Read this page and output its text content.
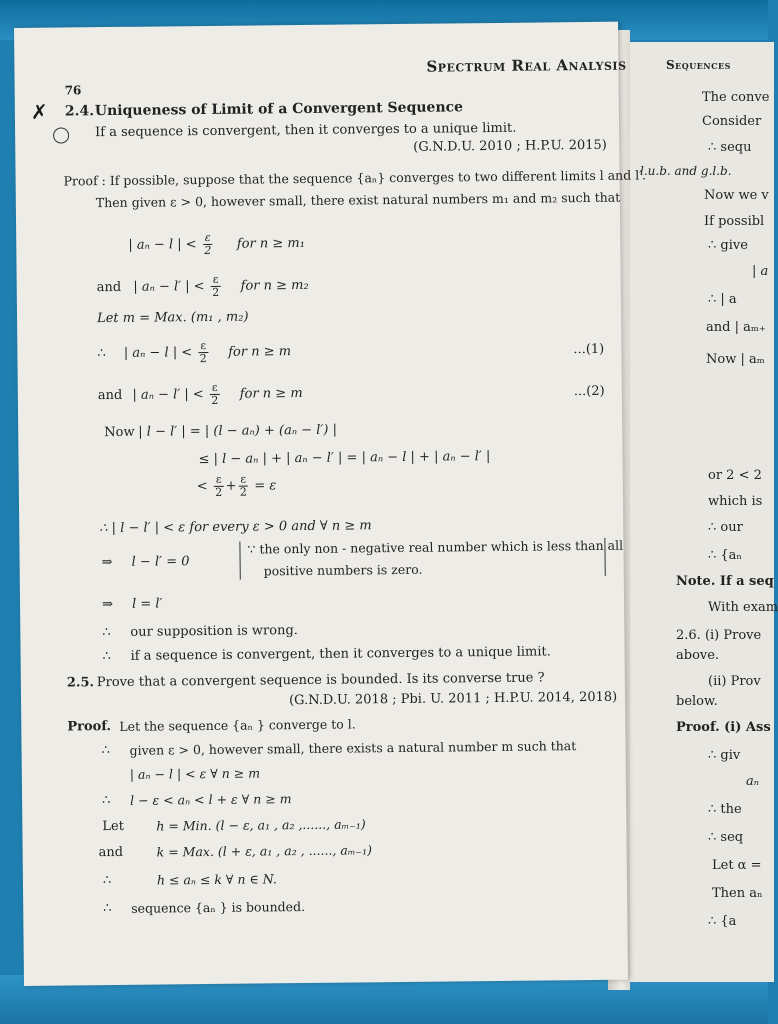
Sequences
The conve
Consider
∴ sequ
l.u.b. and g.l.b.
Now we v
If possibl
∴ give
| a
∴ | a
and | aₘ₊
Now | aₘ
or 2 < 2
which is
∴ our
∴ {aₙ
Note. If a seq
With exam
2.6. (i) Prove
above.
(ii) Prov
below.
Proof. (i) Ass
∴ giv
aₙ
∴ the
∴ seq
Let α =
Then aₙ
∴ {a
Spectrum Real Analysis
76
✗ 2.4. Uniqueness of Limit of a Convergent Sequence
If a sequence is convergent, then it converges to a unique limit.
(G.N.D.U. 2010 ; H.P.U. 2015)
Proof : If possible, suppose that the sequence {aₙ} converges to two different limits l and l′.
Then given ε > 0, however small, there exist natural numbers m₁ and m₂ such that
| aₙ − l | < $\frac{\varepsilon}{2}$ for n ≥ m₁
and | aₙ − l′ | < $\frac{\varepsilon}{2}$ for n ≥ m₂
Let m = Max. (m₁ , m₂)
∴ | aₙ − l | < $\frac{\varepsilon}{2}$ for n ≥ m	...(1)
and | aₙ − l′ | < $\frac{\varepsilon}{2}$ for n ≥ m	...(2)
Now | l − l′ | = | (l − aₙ) + (aₙ − l′) |
≤ | l − aₙ | + | aₙ − l′ | = | aₙ − l | + | aₙ − l′ |
< $\frac{\varepsilon}{2} + \frac{\varepsilon}{2} = \varepsilon$
∴ | l − l′ | < ε for every ε > 0 and ∀ n ≥ m
⇒ l − l′ = 0
∵ the only non - negative real number which is less than all
positive numbers is zero.
⇒ l = l′
∴ our supposition is wrong.
∴ if a sequence is convergent, then it converges to a unique limit.
2.5. Prove that a convergent sequence is bounded. Is its converse true ?
(G.N.D.U. 2018 ; Pbi. U. 2011 ; H.P.U. 2014, 2018)
Proof. Let the sequence {aₙ } converge to l.
∴ given ε > 0, however small, there exists a natural number m such that
| aₙ − l | < ε ∀ n ≥ m
∴ l − ε < aₙ < l + ε ∀ n ≥ m
Let	h = Min. (l − ε, a₁ , a₂ ,......, aₘ₋₁)
and	k = Max. (l + ε, a₁ , a₂ , ......, aₘ₋₁)
∴	h ≤ aₙ ≤ k ∀ n ∈ N.
∴ sequence {aₙ } is bounded.
